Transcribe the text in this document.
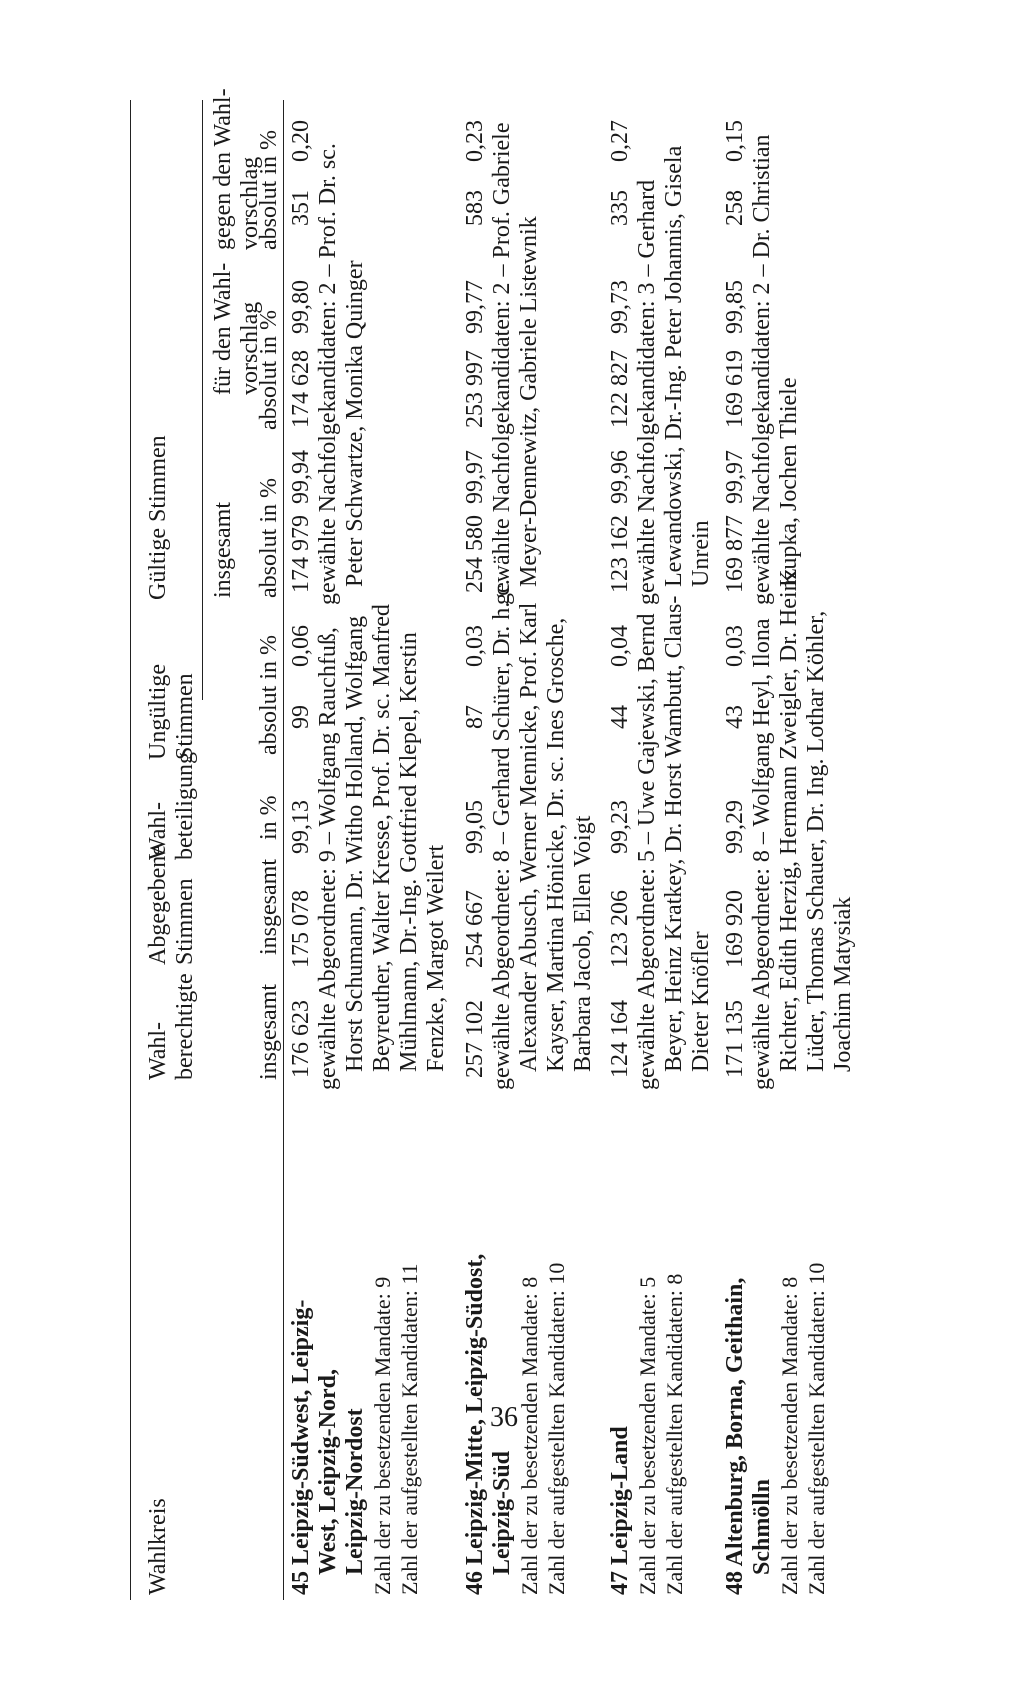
36
Wahlkreis
Wahl- berechtigte
Abgegebene Stimmen
Wahl- beteiligung
Ungültige Stimmen
Gültige Stimmen insgesamt
für den Wahl- vorschlag
gegen den Wahl- vorschlag
insgesamt
insgesamt
in %
absolut in %
absolut in %
absolut in %
absolut in %
45 Leipzig-Südwest, Leipzig- West, Leipzig-Nord, Leipzig-Nordost Zahl der zu besetzenden Mandate: 9 Zahl der aufgestellten Kandidaten: 11
176 623
175 078
99,13
99
0,06
174 979
99,94
174 628
99,80
351
0,20
gewählte Abgeordnete: 9 – Wolfgang Rauchfuß, Horst Schumann, Dr. Witho Holland, Wolfgang Beyreuther, Walter Kresse, Prof. Dr. sc. Manfred Mühlmann, Dr.-Ing. Gottfried Klepel, Kerstin Fenzke, Margot Weilert
gewählte Nachfolgekandidaten: 2 – Prof. Dr. sc. Peter Schwartze, Monika Quinger
46 Leipzig-Mitte, Leipzig-Südost, Leipzig-Süd Zahl der zu besetzenden Mandate: 8 Zahl der aufgestellten Kandidaten: 10
257 102
254 667
99,05
87
0,03
254 580
99,97
253 997
99,77
583
0,23
gewählte Abgeordnete: 8 – Gerhard Schürer, Dr. h. c. Alexander Abusch, Werner Mennicke, Prof. Karl Kayser, Martina Hönicke, Dr. sc. Ines Grosche, Barbara Jacob, Ellen Voigt
gewählte Nachfolgekandidaten: 2 – Prof. Gabriele Meyer-Dennewitz, Gabriele Listewnik
47 Leipzig-Land Zahl der zu besetzenden Mandate: 5 Zahl der aufgestellten Kandidaten: 8
124 164
123 206
99,23
44
0,04
123 162
99,96
122 827
99,73
335
0,27
gewählte Abgeordnete: 5 – Uwe Gajewski, Bernd Beyer, Heinz Kratkey, Dr. Horst Wambutt, Claus- Dieter Knöfler
gewählte Nachfolgekandidaten: 3 – Gerhard Lewandowski, Dr.-Ing. Peter Johannis, Gisela Unrein
48 Altenburg, Borna, Geithain, Schmölln Zahl der zu besetzenden Mandate: 8 Zahl der aufgestellten Kandidaten: 10
171 135
169 920
99,29
43
0,03
169 877
99,97
169 619
99,85
258
0,15
gewählte Abgeordnete: 8 – Wolfgang Heyl, Ilona Richter, Edith Herzig, Hermann Zweigler, Dr. Heinz Lüder, Thomas Schauer, Dr. Ing. Lothar Köhler, Joachim Matysiak
gewählte Nachfolgekandidaten: 2 – Dr. Christian Kupka, Jochen Thiele
